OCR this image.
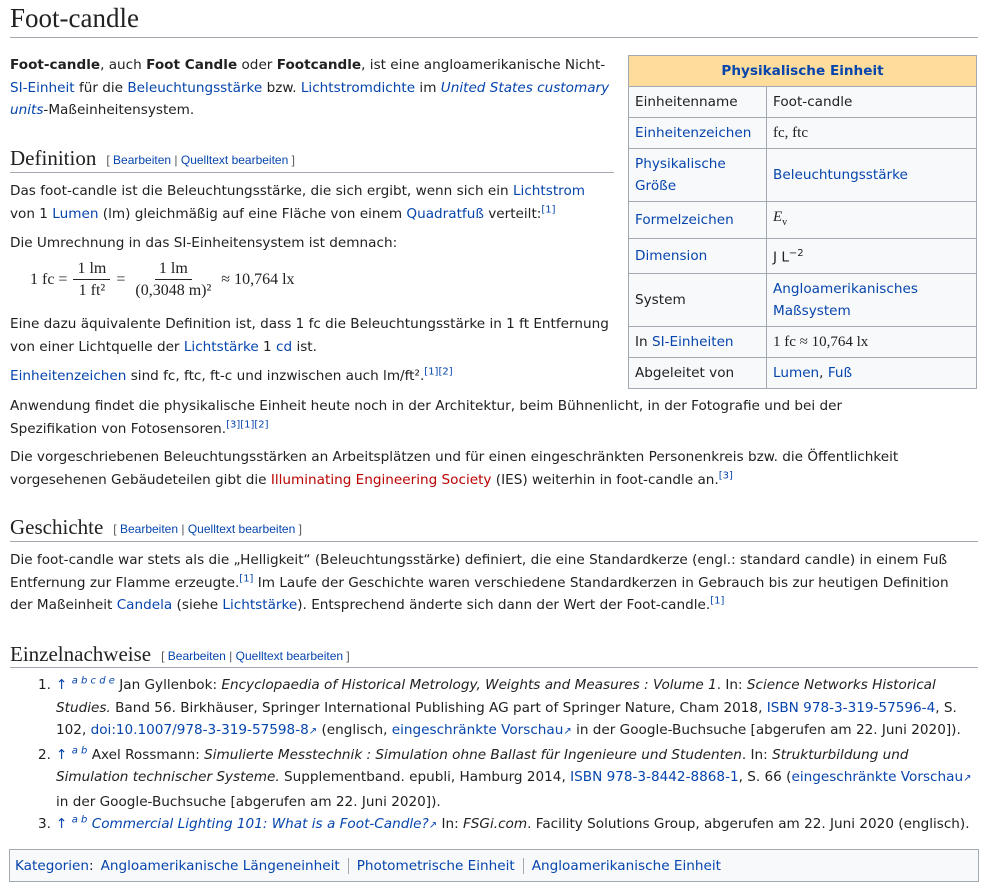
Foot-candle

Foot-candle, auch Foot Candle oder Footcandle, ist eine angloamerikanische Nicht-SI-Einheit für die Beleuchtungsstärke bzw. Lichtstromdichte im United States customary units-Maßeinheitensystem.

Physikalische Einheit	
Einheitenname	Foot-candle
Einheitenzeichen	fc, ftc
Physikalische Größe	Beleuchtungsstärke
Formelzeichen	$E_v$
Dimension	J $L^{-2}$
System	Angloamerikanisches Maßsystem
In SI-Einheiten	1 fc ≈ 10,764 lx
Abgeleitet von	Lumen, Fuß
Definition [ Bearbeiten | Quelltext bearbeiten ]

Das foot-candle ist die Beleuchtungsstärke, die sich ergibt, wenn sich ein Lichtstrom von 1 Lumen (lm) gleichmäßig auf eine Fläche von einem Quadratfuß verteilt:[1]

Die Umrechnung in das SI-Einheitensystem ist demnach:

1 fc = $\frac{1 lm}{\text{1 ft²}} = \frac{1 lm}{\text{(0,3048 m)²}} \approx 10,764$ lx

Eine dazu äquivalente Definition ist, dass 1 fc die Beleuchtungsstärke in 1 ft Entfernung von einer Lichtquelle der Lichtstärke 1 cd ist.

Einheitenzeichen sind fc, ftc, ft-c und inzwischen auch lm/ft².[1][2]

Anwendung findet die physikalische Einheit heute noch in der Architektur, beim Bühnenlicht, in der Fotografie und bei der Spezifikation von Fotosensoren.[3][1][2]

Die vorgeschriebenen Beleuchtungsstärken an Arbeitsplätzen und für einen eingeschränkten Personenkreis bzw. die Öffentlichkeit vorgesehenen Gebäudeteilen gibt die Illuminating Engineering Society (IES) weiterhin in foot-candle an.[3]

Geschichte [ Bearbeiten | Quelltext bearbeiten ]

Die foot-candle war stets als die „Helligkeit“ (Beleuchtungsstärke) definiert, die eine Standardkerze (engl.: standard candle) in einem Fuß Entfernung zur Flamme erzeugte.[1] Im Laufe der Geschichte waren verschiedene Standardkerzen in Gebrauch bis zur heutigen Definition der Maßeinheit Candela (siehe Lichtstärke). Entsprechend änderte sich dann der Wert der Foot-candle.[1]

Einzelnachweise [ Bearbeiten | Quelltext bearbeiten ]
1. ↑ $^{a b c d e}$ Jan Gyllenbok: Encyclopaedia of Historical Metrology, Weights and Measures : Volume 1. In: Science Networks Historical Studies. Band 56. Birkhäuser, Springer International Publishing AG part of Springer Nature, Cham 2018, ISBN 978-3-319-57596-4, S. 102, doi:10.1007/978-3-319-57598-8↗ (englisch, eingeschränkte Vorschau↗ in der Google-Buchsuche [abgerufen am 22. Juni 2020]).
2. ↑ $^{a b}$ Axel Rossmann: Simulierte Messtechnik : Simulation ohne Ballast für Ingenieure und Studenten. In: Strukturbildung und Simulation technischer Systeme. Supplementband. epubli, Hamburg 2014, ISBN 978-3-8442-8868-1, S. 66 (eingeschränkte Vorschau↗ in der Google-Buchsuche [abgerufen am 22. Juni 2020]).
3. ↑ $^{a b}$ Commercial Lighting 101: What is a Foot-Candle?↗ In: FSGi.com. Facility Solutions Group, abgerufen am 22. Juni 2020 (englisch).
Kategorien : Angloamerikanische Längeneinheit Photometrische Einheit Angloamerikanische Einheit
